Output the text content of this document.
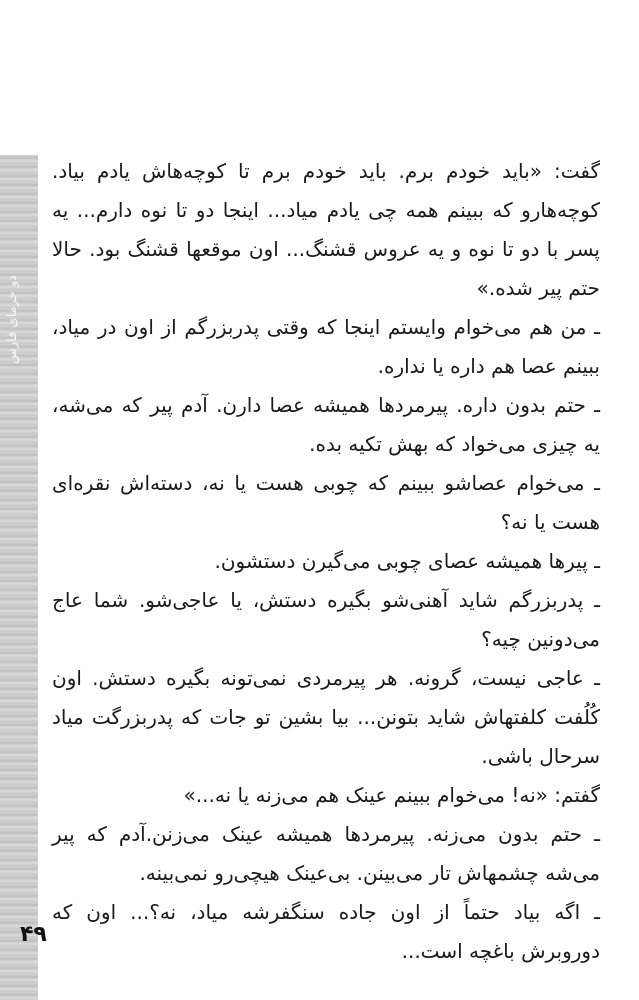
دو خرمای فارس

گفت: «باید خودم برم. باید خودم برم تا کوچه‌هاش یادم بیاد. کوچه‌هارو که ببینم همه چی یادم میاد... اینجا دو تا نوه دارم... یه پسر با دو تا نوه و یه عروس قشنگ... اون موقعها قشنگ بود. حالا حتم پیر شده.»

ـ من هم می‌خوام وایستم اینجا که وقتی پدربزرگم از اون در میاد، ببینم عصا هم داره یا نداره.

ـ حتم بدون داره. پیرمردها همیشه عصا دارن. آدم پیر که می‌شه، یه چیزی می‌خواد که بهش تکیه بده.

ـ می‌خوام عصاشو ببینم که چوبی هست یا نه، دسته‌اش نقره‌ای هست یا نه؟

ـ پیرها همیشه عصای چوبی می‌گیرن دستشون.

ـ پدربزرگم شاید آهنی‌شو بگیره دستش، یا عاجی‌شو. شما عاج می‌دونین چیه؟

ـ عاجی نیست، گرونه. هر پیرمردی نمی‌تونه بگیره دستش. اون کُلُفت کلفتهاش شاید بتونن... بیا بشین تو جات که پدربزرگت میاد سرحال باشی.

گفتم: «نه! می‌خوام ببینم عینک هم می‌زنه یا نه...»

ـ حتم بدون می‌زنه. پیرمردها همیشه عینک می‌زنن.آدم که پیر می‌شه چشمهاش تار می‌بینن. بی‌عینک هیچی‌رو نمی‌بینه.

ـ اگه بیاد حتماً از اون جاده سنگفرشه میاد، نه؟... اون که دوروبرش باغچه است...

۴۹
